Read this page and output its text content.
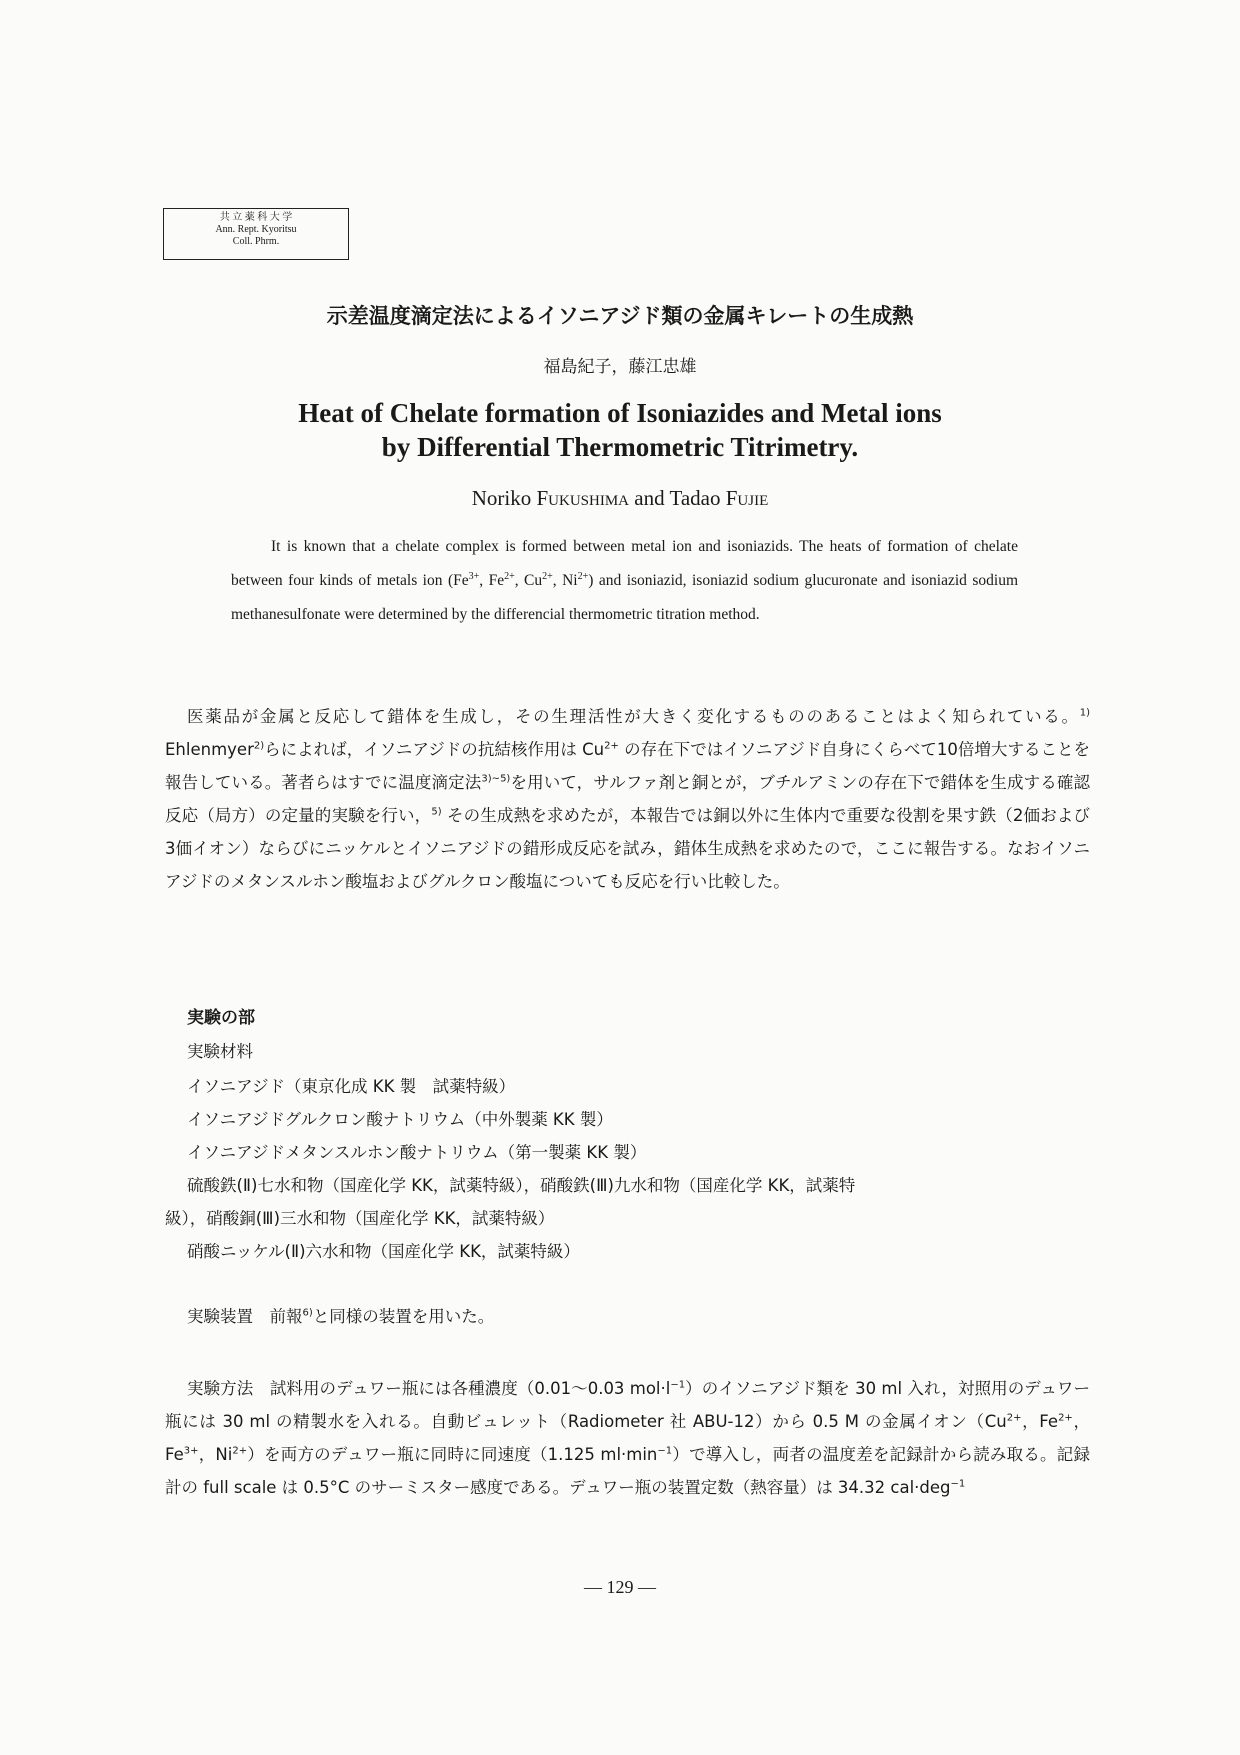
共 立 薬 科 大 学
Ann. Rept. Kyoritsu
Coll. Phrm.
示差温度滴定法によるイソニアジド類の金属キレートの生成熱
福島紀子，藤江忠雄
Heat of Chelate formation of Isoniazides and Metal ions
by Differential Thermometric Titrimetry.
Noriko Fukushima and Tadao Fujie

It is known that a chelate complex is formed between metal ion and isoniazids. The heats of formation of chelate between four kinds of metals ion ($Fe^{3+}$, $Fe^{2+}$, $Cu^{2+}$, $Ni^{2+}$) and isoniazid, isoniazid sodium glucuronate and isoniazid sodium methanesulfonate were determined by the differencial thermometric titration method.

医薬品が金属と反応して錯体を生成し，その生理活性が大きく変化するもののあることはよく知られている。$^{1)}$ Ehlenmyer$^{2)}$らによれば，イソニアジドの抗結核作用は $Cu^{2+}$ の存在下ではイソニアジド自身にくらべて10倍増大することを報告している。著者らはすでに温度滴定法$^{3)\sim 5)}$を用いて，サルファ剤と銅とが，ブチルアミンの存在下で錯体を生成する確認反応（局方）の定量的実験を行い，$^{5)}$ その生成熱を求めたが，本報告では銅以外に生体内で重要な役割を果す鉄（2価および3価イオン）ならびにニッケルとイソニアジドの錯形成反応を試み，錯体生成熱を求めたので，ここに報告する。なおイソニアジドのメタンスルホン酸塩およびグルクロン酸塩についても反応を行い比較した。

実験の部
実験材料
イソニアジド（東京化成 KK 製　試薬特級）
イソニアジドグルクロン酸ナトリウム（中外製薬 KK 製）
イソニアジドメタンスルホン酸ナトリウム（第一製薬 KK 製）
硫酸鉄(Ⅱ)七水和物（国産化学 KK，試薬特級），硝酸鉄(Ⅲ)九水和物（国産化学 KK，試薬特
級），硝酸銅(Ⅲ)三水和物（国産化学 KK，試薬特級）
硝酸ニッケル(Ⅱ)六水和物（国産化学 KK，試薬特級）
実験装置　前報$^{6)}$と同様の装置を用いた。

実験方法　試料用のデュワー瓶には各種濃度（0.01～0.03 $mol\cdot l^{-1}$）のイソニアジド類を 30 ml 入れ，対照用のデュワー瓶には 30 ml の精製水を入れる。自動ビュレット（Radiometer 社 ABU-12）から 0.5 M の金属イオン（$Cu^{2+}$，$Fe^{2+}$，$Fe^{3+}$，$Ni^{2+}$）を両方のデュワー瓶に同時に同速度（1.125 $ml\cdot\min^{-1}$）で導入し，両者の温度差を記録計から読み取る。記録計の full scale は 0.5°C のサーミスター感度である。デュワー瓶の装置定数（熱容量）は 34.32 cal·deg$^{-1}$

— 129 —
